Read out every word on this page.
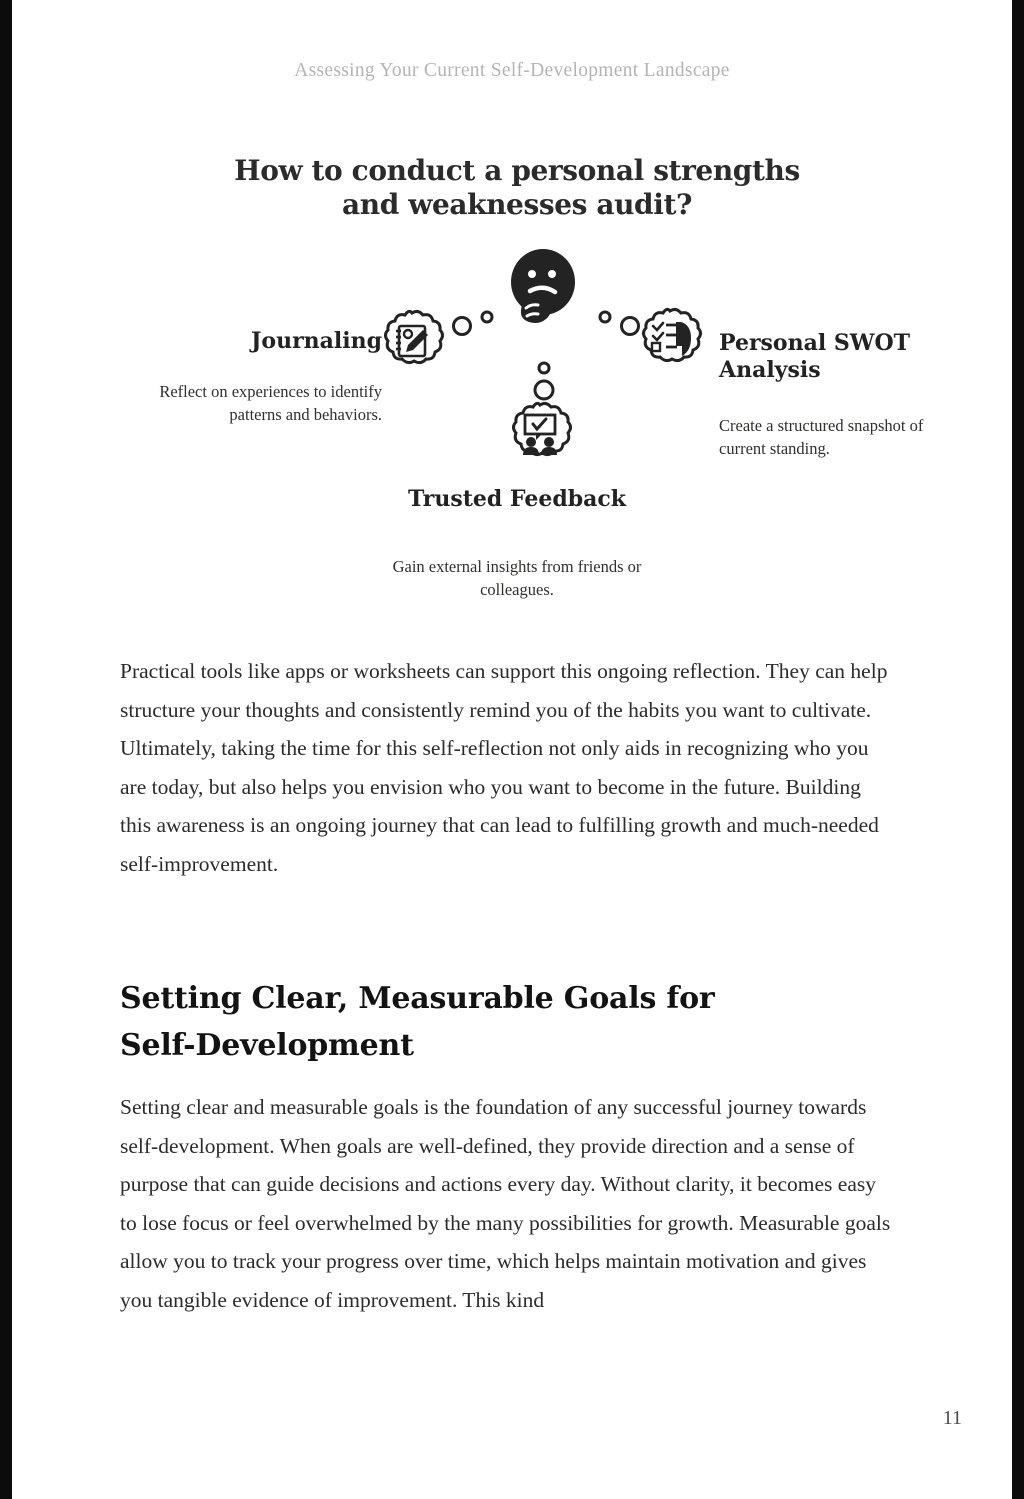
Assessing Your Current Self-Development Landscape
How to conduct a personal strengths and weaknesses audit?
Journaling
Reflect on experiences to identify patterns and behaviors.
Personal SWOT Analysis
Create a structured snapshot of current standing.
Trusted Feedback
Gain external insights from friends or colleagues.

Practical tools like apps or worksheets can support this ongoing reflection. They can help structure your thoughts and consistently remind you of the habits you want to cultivate. Ultimately, taking the time for this self-reflection not only aids in recognizing who you are today, but also helps you envision who you want to become in the future. Building this awareness is an ongoing journey that can lead to fulfilling growth and much-needed self-improvement.

Setting Clear, Measurable Goals for Self-Development

Setting clear and measurable goals is the foundation of any successful journey towards self-development. When goals are well-defined, they provide direction and a sense of purpose that can guide decisions and actions every day. Without clarity, it becomes easy to lose focus or feel overwhelmed by the many possibilities for growth. Measurable goals allow you to track your progress over time, which helps maintain motivation and gives you tangible evidence of improvement. This kind

11
